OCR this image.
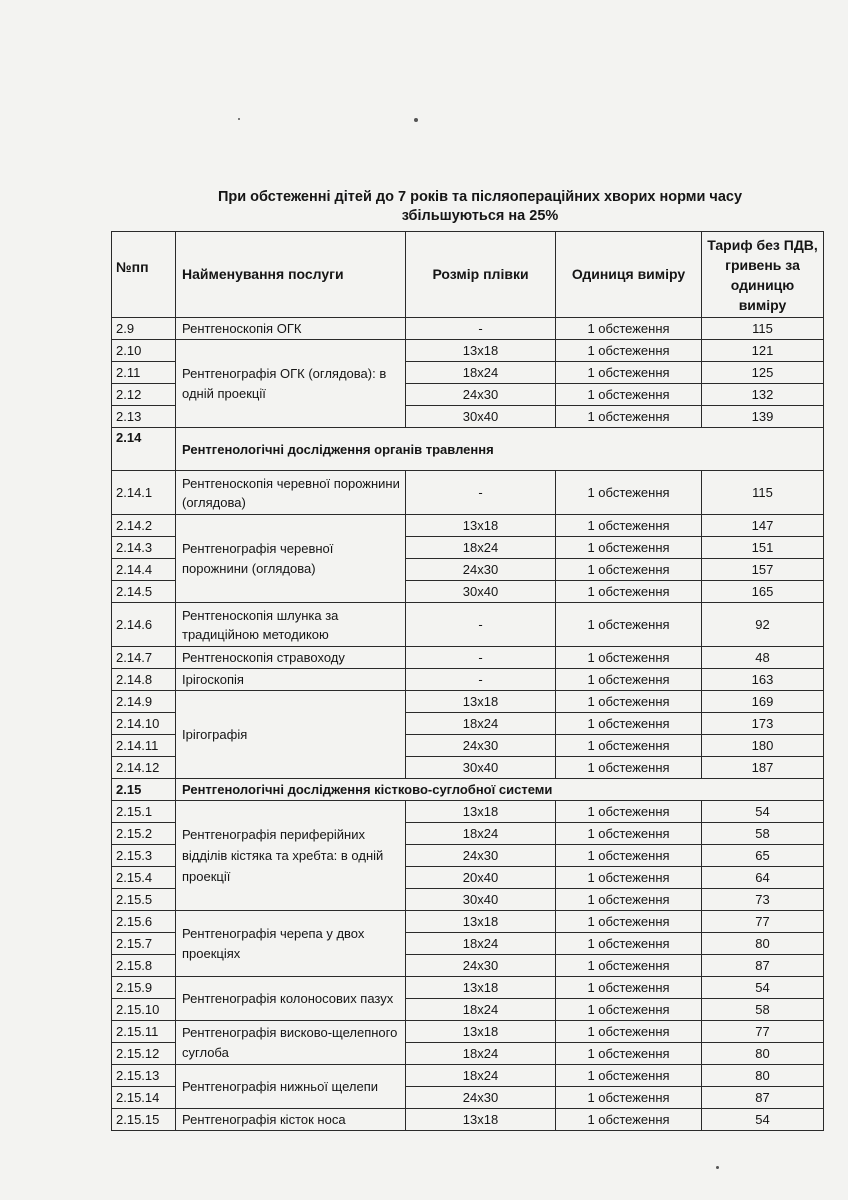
При обстеженні дітей до 7 років та післяопераційних хворих норми часу
збільшуються на 25%
№пп	Найменування послуги	Розмір плівки	Одиниця виміру	Тариф без ПДВ, гривень за одиницю виміру
2.9	Рентгеноскопія ОГК	-	1 обстеження	115
2.10	Рентгенографія ОГК (оглядова): в одній проекції	13х18	1 обстеження	121
2.11		18х24	1 обстеження	125
2.12		24х30	1 обстеження	132
2.13		30х40	1 обстеження	139
2.14	Рентгенологічні дослідження органів травлення			
2.14.1	Рентгеноскопія черевної порожнини (оглядова)	-	1 обстеження	115
2.14.2	Рентгенографія черевної порожнини (оглядова)	13х18	1 обстеження	147
2.14.3		18х24	1 обстеження	151
2.14.4		24х30	1 обстеження	157
2.14.5		30х40	1 обстеження	165
2.14.6	Рентгеноскопія шлунка за традиційною методикою	-	1 обстеження	92
2.14.7	Рентгеноскопія стравоходу	-	1 обстеження	48
2.14.8	Ірігоскопія	-	1 обстеження	163
2.14.9	Ірігографія	13х18	1 обстеження	169
2.14.10		18х24	1 обстеження	173
2.14.11		24х30	1 обстеження	180
2.14.12		30х40	1 обстеження	187
2.15	Рентгенологічні дослідження кістково-суглобної системи			
2.15.1	Рентгенографія периферійних відділів кістяка та хребта: в одній проекції	13х18	1 обстеження	54
2.15.2		18х24	1 обстеження	58
2.15.3		24х30	1 обстеження	65
2.15.4		20х40	1 обстеження	64
2.15.5		30х40	1 обстеження	73
2.15.6	Рентгенографія черепа у двох проекціях	13х18	1 обстеження	77
2.15.7		18х24	1 обстеження	80
2.15.8		24х30	1 обстеження	87
2.15.9	Рентгенографія колоносових пазух	13х18	1 обстеження	54
2.15.10		18х24	1 обстеження	58
2.15.11	Рентгенографія висково-щелепного суглоба	13х18	1 обстеження	77
2.15.12		18х24	1 обстеження	80
2.15.13	Рентгенографія нижньої щелепи	18х24	1 обстеження	80
2.15.14		24х30	1 обстеження	87
2.15.15	Рентгенографія кісток носа	13х18	1 обстеження	54
